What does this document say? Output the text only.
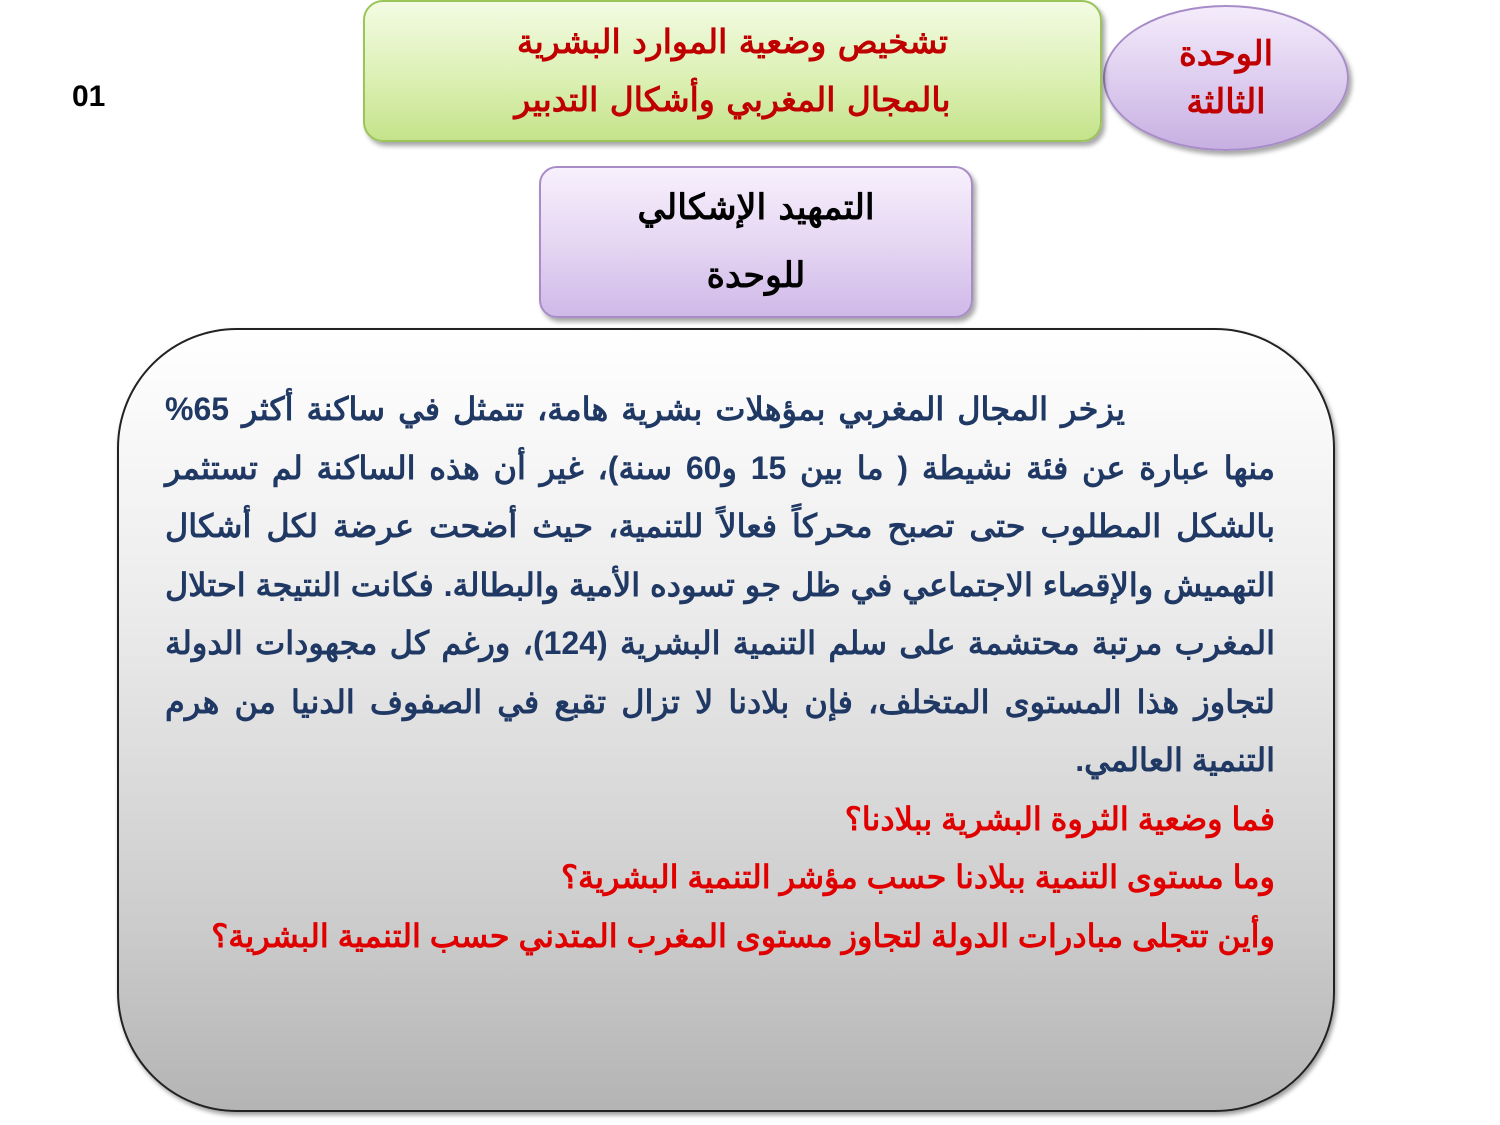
01
الوحدة
الثالثة
تشخيص وضعية الموارد البشرية
بالمجال المغربي وأشكال التدبير
التمهيد الإشكالي
للوحدة

يزخر المجال المغربي بمؤهلات بشرية هامة، تتمثل في ساكنة أكثر 65% منها عبارة عن فئة نشيطة ( ما بين 15 و60 سنة)، غير أن هذه الساكنة لم تستثمر بالشكل المطلوب حتى تصبح محركاً فعالاً للتنمية، حيث أضحت عرضة لكل أشكال التهميش والإقصاء الاجتماعي في ظل جو تسوده الأمية والبطالة. فكانت النتيجة احتلال المغرب مرتبة محتشمة على سلم التنمية البشرية (124)، ورغم كل مجهودات الدولة لتجاوز هذا المستوى المتخلف، فإن بلادنا لا تزال تقبع في الصفوف الدنيا من هرم التنمية العالمي.

فما وضعية الثروة البشرية ببلادنا؟

وما مستوى التنمية ببلادنا حسب مؤشر التنمية البشرية؟

وأين تتجلى مبادرات الدولة لتجاوز مستوى المغرب المتدني حسب التنمية البشرية؟
